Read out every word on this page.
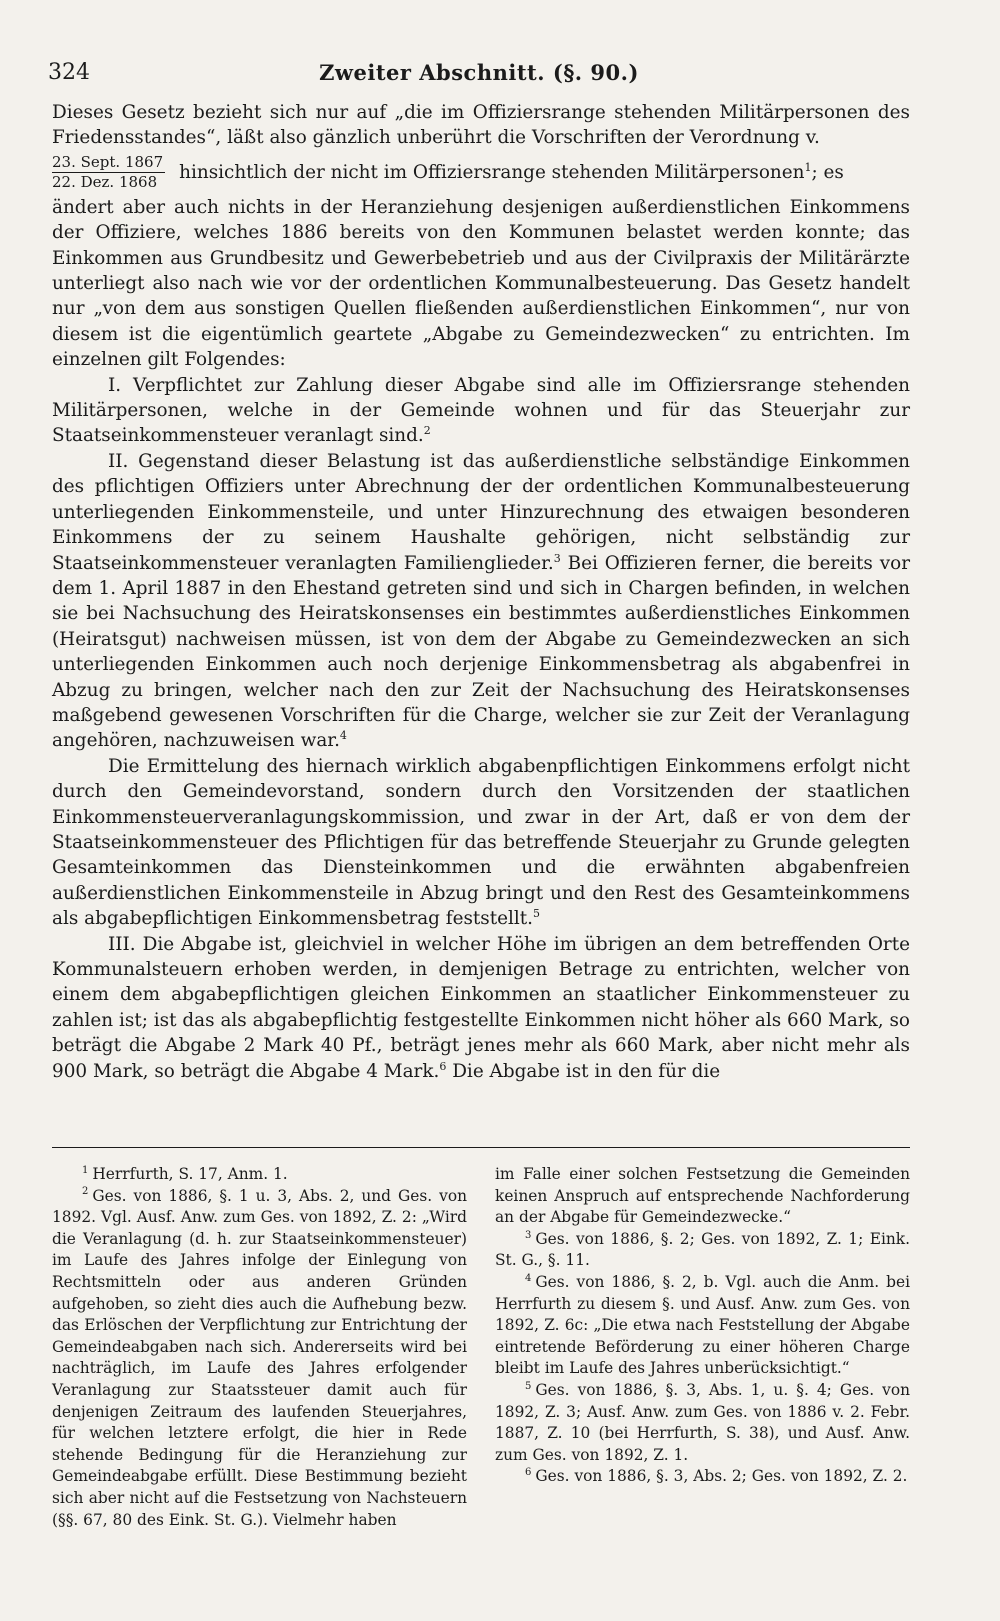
324	Zweiter Abschnitt. (§. 90.)

Dieses Gesetz bezieht sich nur auf „die im Offiziersrange stehenden Militärpersonen des Friedensstandes“, läßt also gänzlich unberührt die Vorschriften der Verordnung v.

$\frac{\text{23. Sept. 1867}}{\text{22. Dez. 1868}}$ hinsichtlich der nicht im Offiziersrange stehenden Militärpersonen$^1$; es

ändert aber auch nichts in der Heranziehung desjenigen außerdienstlichen Einkommens der Offiziere, welches 1886 bereits von den Kommunen belastet werden konnte; das Einkommen aus Grundbesitz und Gewerbebetrieb und aus der Civilpraxis der Militärärzte unterliegt also nach wie vor der ordentlichen Kommunalbesteuerung. Das Gesetz handelt nur „von dem aus sonstigen Quellen fließenden außerdienstlichen Einkommen“, nur von diesem ist die eigentümlich geartete „Abgabe zu Gemeindezwecken“ zu entrichten. Im einzelnen gilt Folgendes:

I. Verpflichtet zur Zahlung dieser Abgabe sind alle im Offiziersrange stehenden Militärpersonen, welche in der Gemeinde wohnen und für das Steuerjahr zur Staatseinkommensteuer veranlagt sind.$^2$

II. Gegenstand dieser Belastung ist das außerdienstliche selbständige Einkommen des pflichtigen Offiziers unter Abrechnung der der ordentlichen Kommunalbesteuerung unterliegenden Einkommensteile, und unter Hinzurechnung des etwaigen besonderen Einkommens der zu seinem Haushalte gehörigen, nicht selbständig zur Staatseinkommensteuer veranlagten Familienglieder.$^3$ Bei Offizieren ferner, die bereits vor dem 1. April 1887 in den Ehestand getreten sind und sich in Chargen befinden, in welchen sie bei Nachsuchung des Heiratskonsenses ein bestimmtes außerdienstliches Einkommen (Heiratsgut) nachweisen müssen, ist von dem der Abgabe zu Gemeindezwecken an sich unterliegenden Einkommen auch noch derjenige Einkommensbetrag als abgabenfrei in Abzug zu bringen, welcher nach den zur Zeit der Nachsuchung des Heiratskonsenses maßgebend gewesenen Vorschriften für die Charge, welcher sie zur Zeit der Veranlagung angehören, nachzuweisen war.$^4$

Die Ermittelung des hiernach wirklich abgabenpflichtigen Einkommens erfolgt nicht durch den Gemeindevorstand, sondern durch den Vorsitzenden der staatlichen Einkommensteuerveranlagungskommission, und zwar in der Art, daß er von dem der Staatseinkommensteuer des Pflichtigen für das betreffende Steuerjahr zu Grunde gelegten Gesamteinkommen das Diensteinkommen und die erwähnten abgabenfreien außerdienstlichen Einkommensteile in Abzug bringt und den Rest des Gesamteinkommens als abgabepflichtigen Einkommensbetrag feststellt.$^5$

III. Die Abgabe ist, gleichviel in welcher Höhe im übrigen an dem betreffenden Orte Kommunalsteuern erhoben werden, in demjenigen Betrage zu entrichten, welcher von einem dem abgabepflichtigen gleichen Einkommen an staatlicher Einkommensteuer zu zahlen ist; ist das als abgabepflichtig festgestellte Einkommen nicht höher als 660 Mark, so beträgt die Abgabe 2 Mark 40 Pf., beträgt jenes mehr als 660 Mark, aber nicht mehr als 900 Mark, so beträgt die Abgabe 4 Mark.$^6$ Die Abgabe ist in den für die

$^1$ Herrfurth, S. 17, Anm. 1.

$^2$ Ges. von 1886, §. 1 u. 3, Abs. 2, und Ges. von 1892. Vgl. Ausf. Anw. zum Ges. von 1892, Z. 2: „Wird die Veranlagung (d. h. zur Staatseinkommensteuer) im Laufe des Jahres infolge der Einlegung von Rechtsmitteln oder aus anderen Gründen aufgehoben, so zieht dies auch die Aufhebung bezw. das Erlöschen der Verpflichtung zur Entrichtung der Gemeindeabgaben nach sich. Andererseits wird bei nachträglich, im Laufe des Jahres erfolgender Veranlagung zur Staatssteuer damit auch für denjenigen Zeitraum des laufenden Steuerjahres, für welchen letztere erfolgt, die hier in Rede stehende Bedingung für die Heranziehung zur Gemeindeabgabe erfüllt. Diese Bestimmung bezieht sich aber nicht auf die Festsetzung von Nachsteuern (§§. 67, 80 des Eink. St. G.). Vielmehr haben

im Falle einer solchen Festsetzung die Gemeinden keinen Anspruch auf entsprechende Nachforderung an der Abgabe für Gemeindezwecke.“

$^3$ Ges. von 1886, §. 2; Ges. von 1892, Z. 1; Eink. St. G., §. 11.

$^4$ Ges. von 1886, §. 2, b. Vgl. auch die Anm. bei Herrfurth zu diesem §. und Ausf. Anw. zum Ges. von 1892, Z. 6c: „Die etwa nach Feststellung der Abgabe eintretende Beförderung zu einer höheren Charge bleibt im Laufe des Jahres unberücksichtigt.“

$^5$ Ges. von 1886, §. 3, Abs. 1, u. §. 4; Ges. von 1892, Z. 3; Ausf. Anw. zum Ges. von 1886 v. 2. Febr. 1887, Z. 10 (bei Herrfurth, S. 38), und Ausf. Anw. zum Ges. von 1892, Z. 1.

$^6$ Ges. von 1886, §. 3, Abs. 2; Ges. von 1892, Z. 2.
